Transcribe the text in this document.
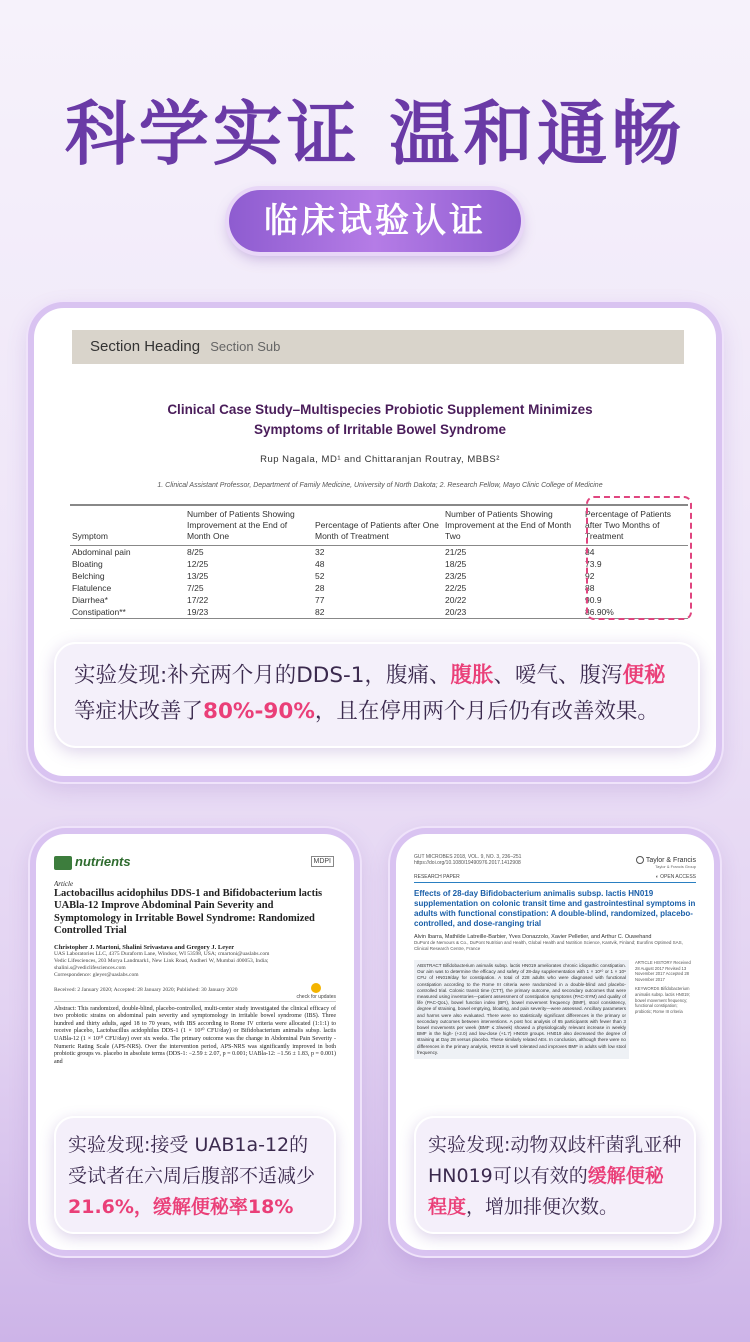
科学实证 温和通畅
临床试验认证
Section Heading Section Sub
Clinical Case Study–Multispecies Probiotic Supplement Minimizes
Symptoms of Irritable Bowel Syndrome
Rup Nagala, MD¹ and Chittaranjan Routray, MBBS²
1. Clinical Assistant Professor, Department of Family Medicine, University of North Dakota; 2. Research Fellow, Mayo Clinic College of Medicine
Symptom	Number of Patients Showing Improvement at the End of Month One	Percentage of Patients after One Month of Treatment	Number of Patients Showing Improvement at the End of Month Two	Percentage of Patients after Two Months of Treatment
Abdominal pain	8/25	32	21/25	84
Bloating	12/25	48	18/25	73.9
Belching	13/25	52	23/25	92
Flatulence	7/25	28	22/25	88
Diarrhea*	17/22	77	20/22	90.9
Constipation**	19/23	82	20/23	86.90%
实验发现:补充两个月的DDS-1，腹痛、腹胀、嗳气、腹泻便秘等症状改善了80%-90%，且在停用两个月后仍有改善效果。
nutrients	MDPI
Article
Lactobacillus acidophilus DDS-1 and Bifidobacterium lactis UABla-12 Improve Abdominal Pain Severity and Symptomology in Irritable Bowel Syndrome: Randomized Controlled Trial
Christopher J. Martoni, Shalini Srivastava and Gregory J. Leyer
UAS Laboratories LLC, 4375 Duraform Lane, Windsor, WI 53598, USA; cmartoni@uaslabs.com
Vedic Lifesciences, 203 Morya Landmark1, New Link Road, Andheri W, Mumbai 400053, India; shalini.s@vediclifesciences.com
Correspondence: gleyer@uaslabs.com
Received: 2 January 2020; Accepted: 28 January 2020; Published: 30 January 2020
check for updates
Abstract: This randomized, double-blind, placebo-controlled, multi-center study investigated the clinical efficacy of two probiotic strains on abdominal pain severity and symptomology in irritable bowel syndrome (IBS). Three hundred and thirty adults, aged 18 to 70 years, with IBS according to Rome IV criteria were allocated (1:1:1) to receive placebo, Lactobacillus acidophilus DDS-1 (1 × 10¹⁰ CFU/day) or Bifidobacterium animalis subsp. lactis UABla-12 (1 × 10¹⁰ CFU/day) over six weeks. The primary outcome was the change in Abdominal Pain Severity - Numeric Rating Scale (APS-NRS). Over the intervention period, APS-NRS was significantly improved in both probiotic groups vs. placebo in absolute terms (DDS-1: −2.59 ± 2.07, p = 0.001; UABla-12: −1.56 ± 1.83, p = 0.001) and
实验发现:接受 UAB1a-12的受试者在六周后腹部不适减少21.6%，缓解便秘率18%
GUT MICROBES 2018, VOL. 9, NO. 3, 236–251 https://doi.org/10.1080/19490976.2017.1412908	Taylor & Francis
Taylor & Francis Group
RESEARCH PAPER	◐ OPEN ACCESS
Effects of 28-day Bifidobacterium animalis subsp. lactis HN019 supplementation on colonic transit time and gastrointestinal symptoms in adults with functional constipation: A double-blind, randomized, placebo-controlled, and dose-ranging trial
Alvin Ibarra, Mathilde Latreille-Barbier, Yves Donazzolo, Xavier Pelletier, and Arthur C. Ouwehand
DuPont de Nemours & Co., DuPont Nutrition and Health, Global Health and Nutrition Science, Kantvik, Finland; Eurofins Optimed SAS, Clinical Research Centre, France
ABSTRACT Bifidobacterium animalis subsp. lactis HN019 ameliorates chronic idiopathic constipation. Our aim was to determine the efficacy and safety of 28-day supplementation with 1 × 10¹⁰ or 1 × 10⁹ CFU of HN019/day for constipation. A total of 228 adults who were diagnosed with functional constipation according to the Rome III criteria were randomized in a double-blind and placebo-controlled trial. Colonic transit time (CTT), the primary outcome, and secondary outcomes that were measured using inventories—patient assessment of constipation symptoms (PAC-SYM) and quality of life (PAC-QoL), bowel function index (BFI), bowel movement frequency (BMF), stool consistency, degree of straining, bowel emptying, bloating, and pain severity—were assessed. Ancillary parameters and harms were also evaluated. There were no statistically significant differences in the primary or secondary outcomes between interventions. A post hoc analysis of 65 participants with fewer than 3 bowel movements per week (BMF ≤ 3/week) showed a physiologically relevant increase in weekly BMF in the high- (+2.0) and low-dose (+1.7) HN019 groups. HN019 also decreased the degree of straining at Day 28 versus placebo. These similarly related AEs. In conclusion, although there were no differences in the primary analysis, HN019 is well tolerated and improves BMF in adults with low stool frequency.
ARTICLE HISTORY Received 28 August 2017 Revised 13 November 2017 Accepted 28 November 2017
KEYWORDS Bifidobacterium animalis subsp. lactis HN019; bowel movement frequency; functional constipation; probiotic; Rome III criteria
实验发现:动物双歧杆菌乳亚种HN019可以有效的缓解便秘程度，增加排便次数。
